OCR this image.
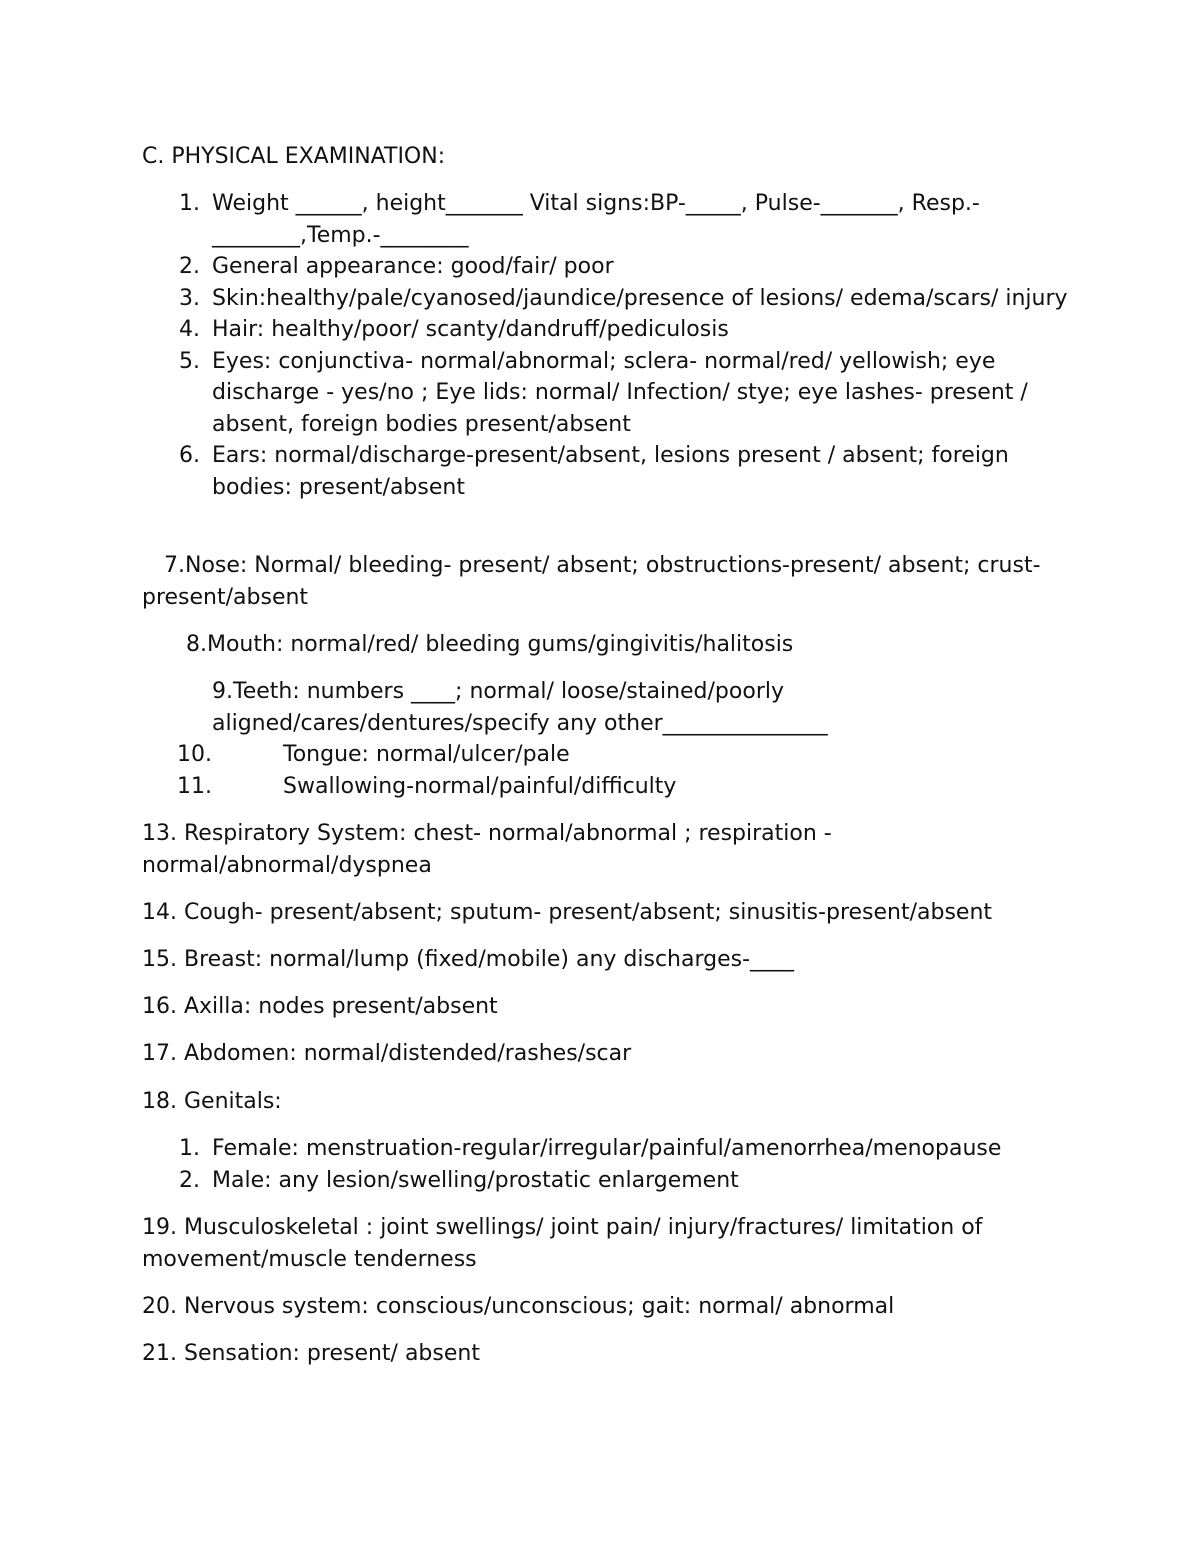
C. PHYSICAL EXAMINATION:
1. Weight ______, height_______ Vital signs:BP-_____, Pulse-_______, Resp.-________,Temp.-________
2. General appearance: good/fair/ poor
3. Skin:healthy/pale/cyanosed/jaundice/presence of lesions/ edema/scars/ injury
4. Hair: healthy/poor/ scanty/dandruff/pediculosis
5. Eyes: conjunctiva- normal/abnormal; sclera- normal/red/ yellowish; eye discharge - yes/no ; Eye lids: normal/ Infection/ stye; eye lashes- present / absent, foreign bodies present/absent
6. Ears: normal/discharge-present/absent, lesions present / absent; foreign bodies: present/absent
7.Nose: Normal/ bleeding- present/ absent; obstructions-present/ absent; crust- present/absent
8.Mouth: normal/red/ bleeding gums/gingivitis/halitosis
9.Teeth: numbers ____; normal/ loose/stained/poorly aligned/cares/dentures/specify any other_______________
10.	Tongue: normal/ulcer/pale
11.	Swallowing-normal/painful/difficulty
13. Respiratory System: chest- normal/abnormal ; respiration -normal/abnormal/dyspnea
14. Cough- present/absent; sputum- present/absent; sinusitis-present/absent
15. Breast: normal/lump (fixed/mobile) any discharges-____
16. Axilla: nodes present/absent
17. Abdomen: normal/distended/rashes/scar
18. Genitals:
1. Female: menstruation-regular/irregular/painful/amenorrhea/menopause
2. Male: any lesion/swelling/prostatic enlargement
19. Musculoskeletal : joint swellings/ joint pain/ injury/fractures/ limitation of movement/muscle tenderness
20. Nervous system: conscious/unconscious; gait: normal/ abnormal
21. Sensation: present/ absent
